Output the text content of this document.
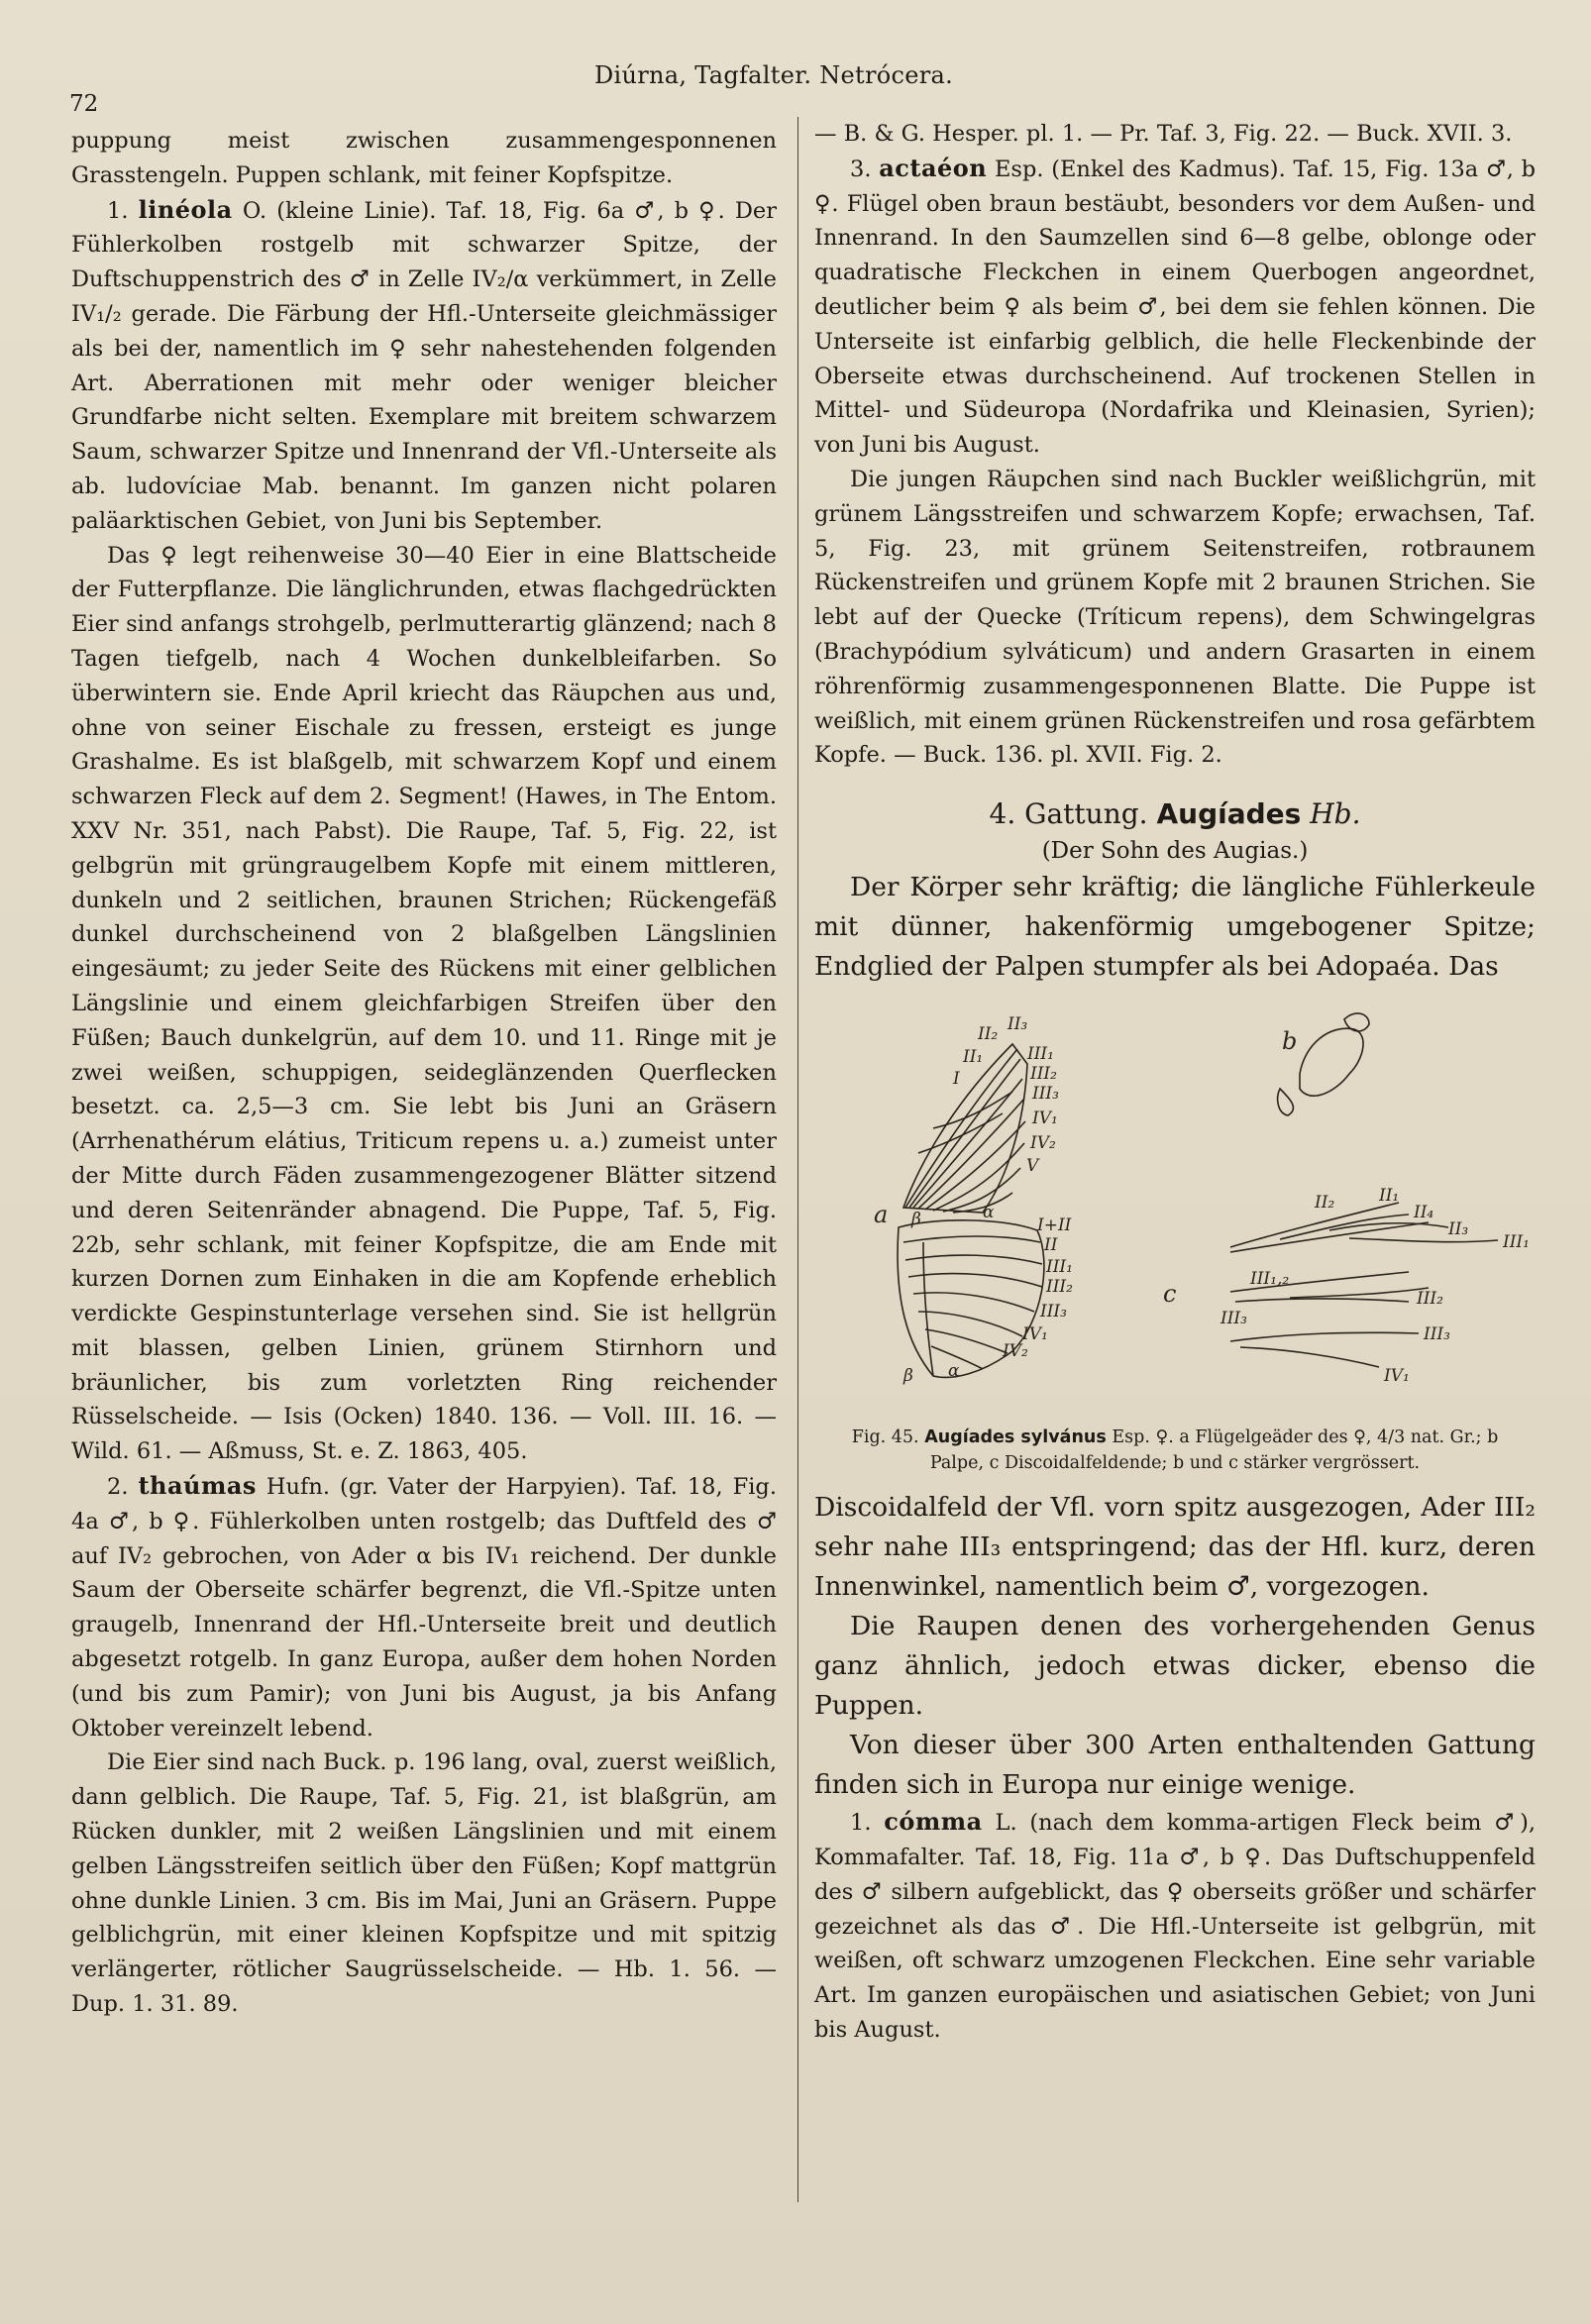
72
Diúrna, Tagfalter. Netrócera.

puppung meist zwischen zusammengesponnenen Grasstengeln. Puppen schlank, mit feiner Kopfspitze.

1. linéola O. (kleine Linie). Taf. 18, Fig. 6a ♂, b ♀. Der Fühlerkolben rostgelb mit schwarzer Spitze, der Duftschuppenstrich des ♂ in Zelle IV₂/α verkümmert, in Zelle IV₁/₂ gerade. Die Färbung der Hfl.-Unterseite gleichmässiger als bei der, namentlich im ♀ sehr nahestehenden folgenden Art. Aberrationen mit mehr oder weniger bleicher Grundfarbe nicht selten. Exemplare mit breitem schwarzem Saum, schwarzer Spitze und Innenrand der Vfl.-Unterseite als ab. ludovíciae Mab. benannt. Im ganzen nicht polaren paläarktischen Gebiet, von Juni bis September.

Das ♀ legt reihenweise 30—40 Eier in eine Blattscheide der Futterpflanze. Die länglichrunden, etwas flachgedrückten Eier sind anfangs strohgelb, perlmutterartig glänzend; nach 8 Tagen tiefgelb, nach 4 Wochen dunkelbleifarben. So überwintern sie. Ende April kriecht das Räupchen aus und, ohne von seiner Eischale zu fressen, ersteigt es junge Grashalme. Es ist blaßgelb, mit schwarzem Kopf und einem schwarzen Fleck auf dem 2. Segment! (Hawes, in The Entom. XXV Nr. 351, nach Pabst). Die Raupe, Taf. 5, Fig. 22, ist gelbgrün mit grüngraugelbem Kopfe mit einem mittleren, dunkeln und 2 seitlichen, braunen Strichen; Rückengefäß dunkel durchscheinend von 2 blaßgelben Längslinien eingesäumt; zu jeder Seite des Rückens mit einer gelblichen Längslinie und einem gleichfarbigen Streifen über den Füßen; Bauch dunkelgrün, auf dem 10. und 11. Ringe mit je zwei weißen, schuppigen, seideglänzenden Querflecken besetzt. ca. 2,5—3 cm. Sie lebt bis Juni an Gräsern (Arrhenathérum elátius, Triticum repens u. a.) zumeist unter der Mitte durch Fäden zusammengezogener Blätter sitzend und deren Seitenränder abnagend. Die Puppe, Taf. 5, Fig. 22b, sehr schlank, mit feiner Kopfspitze, die am Ende mit kurzen Dornen zum Einhaken in die am Kopfende erheblich verdickte Gespinstunterlage versehen sind. Sie ist hellgrün mit blassen, gelben Linien, grünem Stirnhorn und bräunlicher, bis zum vorletzten Ring reichender Rüsselscheide. — Isis (Ocken) 1840. 136. — Voll. III. 16. — Wild. 61. — Aßmuss, St. e. Z. 1863, 405.

2. thaúmas Hufn. (gr. Vater der Harpyien). Taf. 18, Fig. 4a ♂, b ♀. Fühlerkolben unten rostgelb; das Duftfeld des ♂ auf IV₂ gebrochen, von Ader α bis IV₁ reichend. Der dunkle Saum der Oberseite schärfer begrenzt, die Vfl.-Spitze unten graugelb, Innenrand der Hfl.-Unterseite breit und deutlich abgesetzt rotgelb. In ganz Europa, außer dem hohen Norden (und bis zum Pamir); von Juni bis August, ja bis Anfang Oktober vereinzelt lebend.

Die Eier sind nach Buck. p. 196 lang, oval, zuerst weißlich, dann gelblich. Die Raupe, Taf. 5, Fig. 21, ist blaßgrün, am Rücken dunkler, mit 2 weißen Längslinien und mit einem gelben Längsstreifen seitlich über den Füßen; Kopf mattgrün ohne dunkle Linien. 3 cm. Bis im Mai, Juni an Gräsern. Puppe gelblichgrün, mit einer kleinen Kopfspitze und mit spitzig verlängerter, rötlicher Saugrüsselscheide. — Hb. 1. 56. — Dup. 1. 31. 89.

— B. & G. Hesper. pl. 1. — Pr. Taf. 3, Fig. 22. — Buck. XVII. 3.

3. actaéon Esp. (Enkel des Kadmus). Taf. 15, Fig. 13a ♂, b ♀. Flügel oben braun bestäubt, besonders vor dem Außen- und Innenrand. In den Saumzellen sind 6—8 gelbe, oblonge oder quadratische Fleckchen in einem Querbogen angeordnet, deutlicher beim ♀ als beim ♂, bei dem sie fehlen können. Die Unterseite ist einfarbig gelblich, die helle Fleckenbinde der Oberseite etwas durchscheinend. Auf trockenen Stellen in Mittel- und Südeuropa (Nordafrika und Kleinasien, Syrien); von Juni bis August.

Die jungen Räupchen sind nach Buckler weißlichgrün, mit grünem Längsstreifen und schwarzem Kopfe; erwachsen, Taf. 5, Fig. 23, mit grünem Seitenstreifen, rotbraunem Rückenstreifen und grünem Kopfe mit 2 braunen Strichen. Sie lebt auf der Quecke (Tríticum repens), dem Schwingelgras (Brachypódium sylváticum) und andern Grasarten in einem röhrenförmig zusammengesponnenen Blatte. Die Puppe ist weißlich, mit einem grünen Rückenstreifen und rosa gefärbtem Kopfe. — Buck. 136. pl. XVII. Fig. 2.

4. Gattung. Augíades Hb.
(Der Sohn des Augias.)

Der Körper sehr kräftig; die längliche Fühlerkeule mit dünner, hakenförmig umgebogener Spitze; Endglied der Palpen stumpfer als bei Adopaéa. Das

a
b
c
β
β
α
α
II₂ II₃
III₁
III₂
III₃
IV₁
IV₂
V
I
II₁
I+II
II
III₁
III₂
III₃
IV₁
IV₂
II₂	II₁
II₄
II₃
III₁
III₁,₂
III₂
III₃
III₃
IV₁
Fig. 45. Augíades sylvánus Esp. ♀. a Flügelgeäder des ♀, 4/3 nat. Gr.; b Palpe, c Discoidalfeldende; b und c stärker vergrössert.

Discoidalfeld der Vfl. vorn spitz ausgezogen, Ader III₂ sehr nahe III₃ entspringend; das der Hfl. kurz, deren Innenwinkel, namentlich beim ♂, vorgezogen.

Die Raupen denen des vorhergehenden Genus ganz ähnlich, jedoch etwas dicker, ebenso die Puppen.

Von dieser über 300 Arten enthaltenden Gattung finden sich in Europa nur einige wenige.

1. cómma L. (nach dem komma-artigen Fleck beim ♂), Kommafalter. Taf. 18, Fig. 11a ♂, b ♀. Das Duftschuppenfeld des ♂ silbern aufgeblickt, das ♀ oberseits größer und schärfer gezeichnet als das ♂. Die Hfl.-Unterseite ist gelbgrün, mit weißen, oft schwarz umzogenen Fleckchen. Eine sehr variable Art. Im ganzen europäischen und asiatischen Gebiet; von Juni bis August.
